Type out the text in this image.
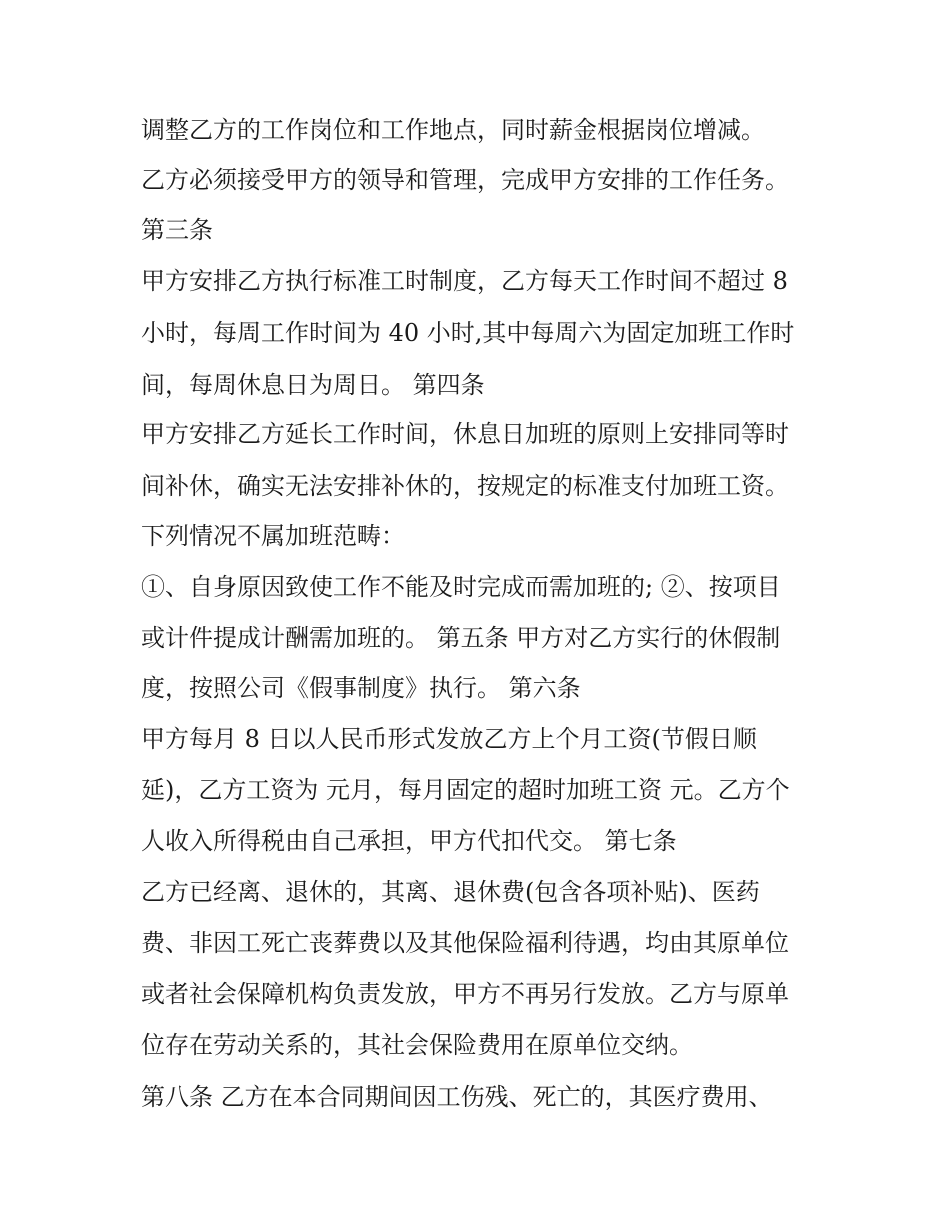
调整乙方的工作岗位和工作地点，同时薪金根据岗位增减。
乙方必须接受甲方的领导和管理，完成甲方安排的工作任务。
第三条
甲方安排乙方执行标准工时制度，乙方每天工作时间不超过 8
小时，每周工作时间为 40 小时,其中每周六为固定加班工作时
间，每周休息日为周日。 第四条
甲方安排乙方延长工作时间，休息日加班的原则上安排同等时
间补休，确实无法安排补休的，按规定的标准支付加班工资。
下列情况不属加班范畴：
①、自身原因致使工作不能及时完成而需加班的; ②、按项目
或计件提成计酬需加班的。 第五条 甲方对乙方实行的休假制
度，按照公司《假事制度》执行。 第六条
甲方每月 8 日以人民币形式发放乙方上个月工资(节假日顺
延)，乙方工资为 元月，每月固定的超时加班工资 元。乙方个
人收入所得税由自己承担，甲方代扣代交。 第七条
乙方已经离、退休的，其离、退休费(包含各项补贴)、医药
费、非因工死亡丧葬费以及其他保险福利待遇，均由其原单位
或者社会保障机构负责发放，甲方不再另行发放。乙方与原单
位存在劳动关系的，其社会保险费用在原单位交纳。
第八条 乙方在本合同期间因工伤残、死亡的，其医疗费用、
